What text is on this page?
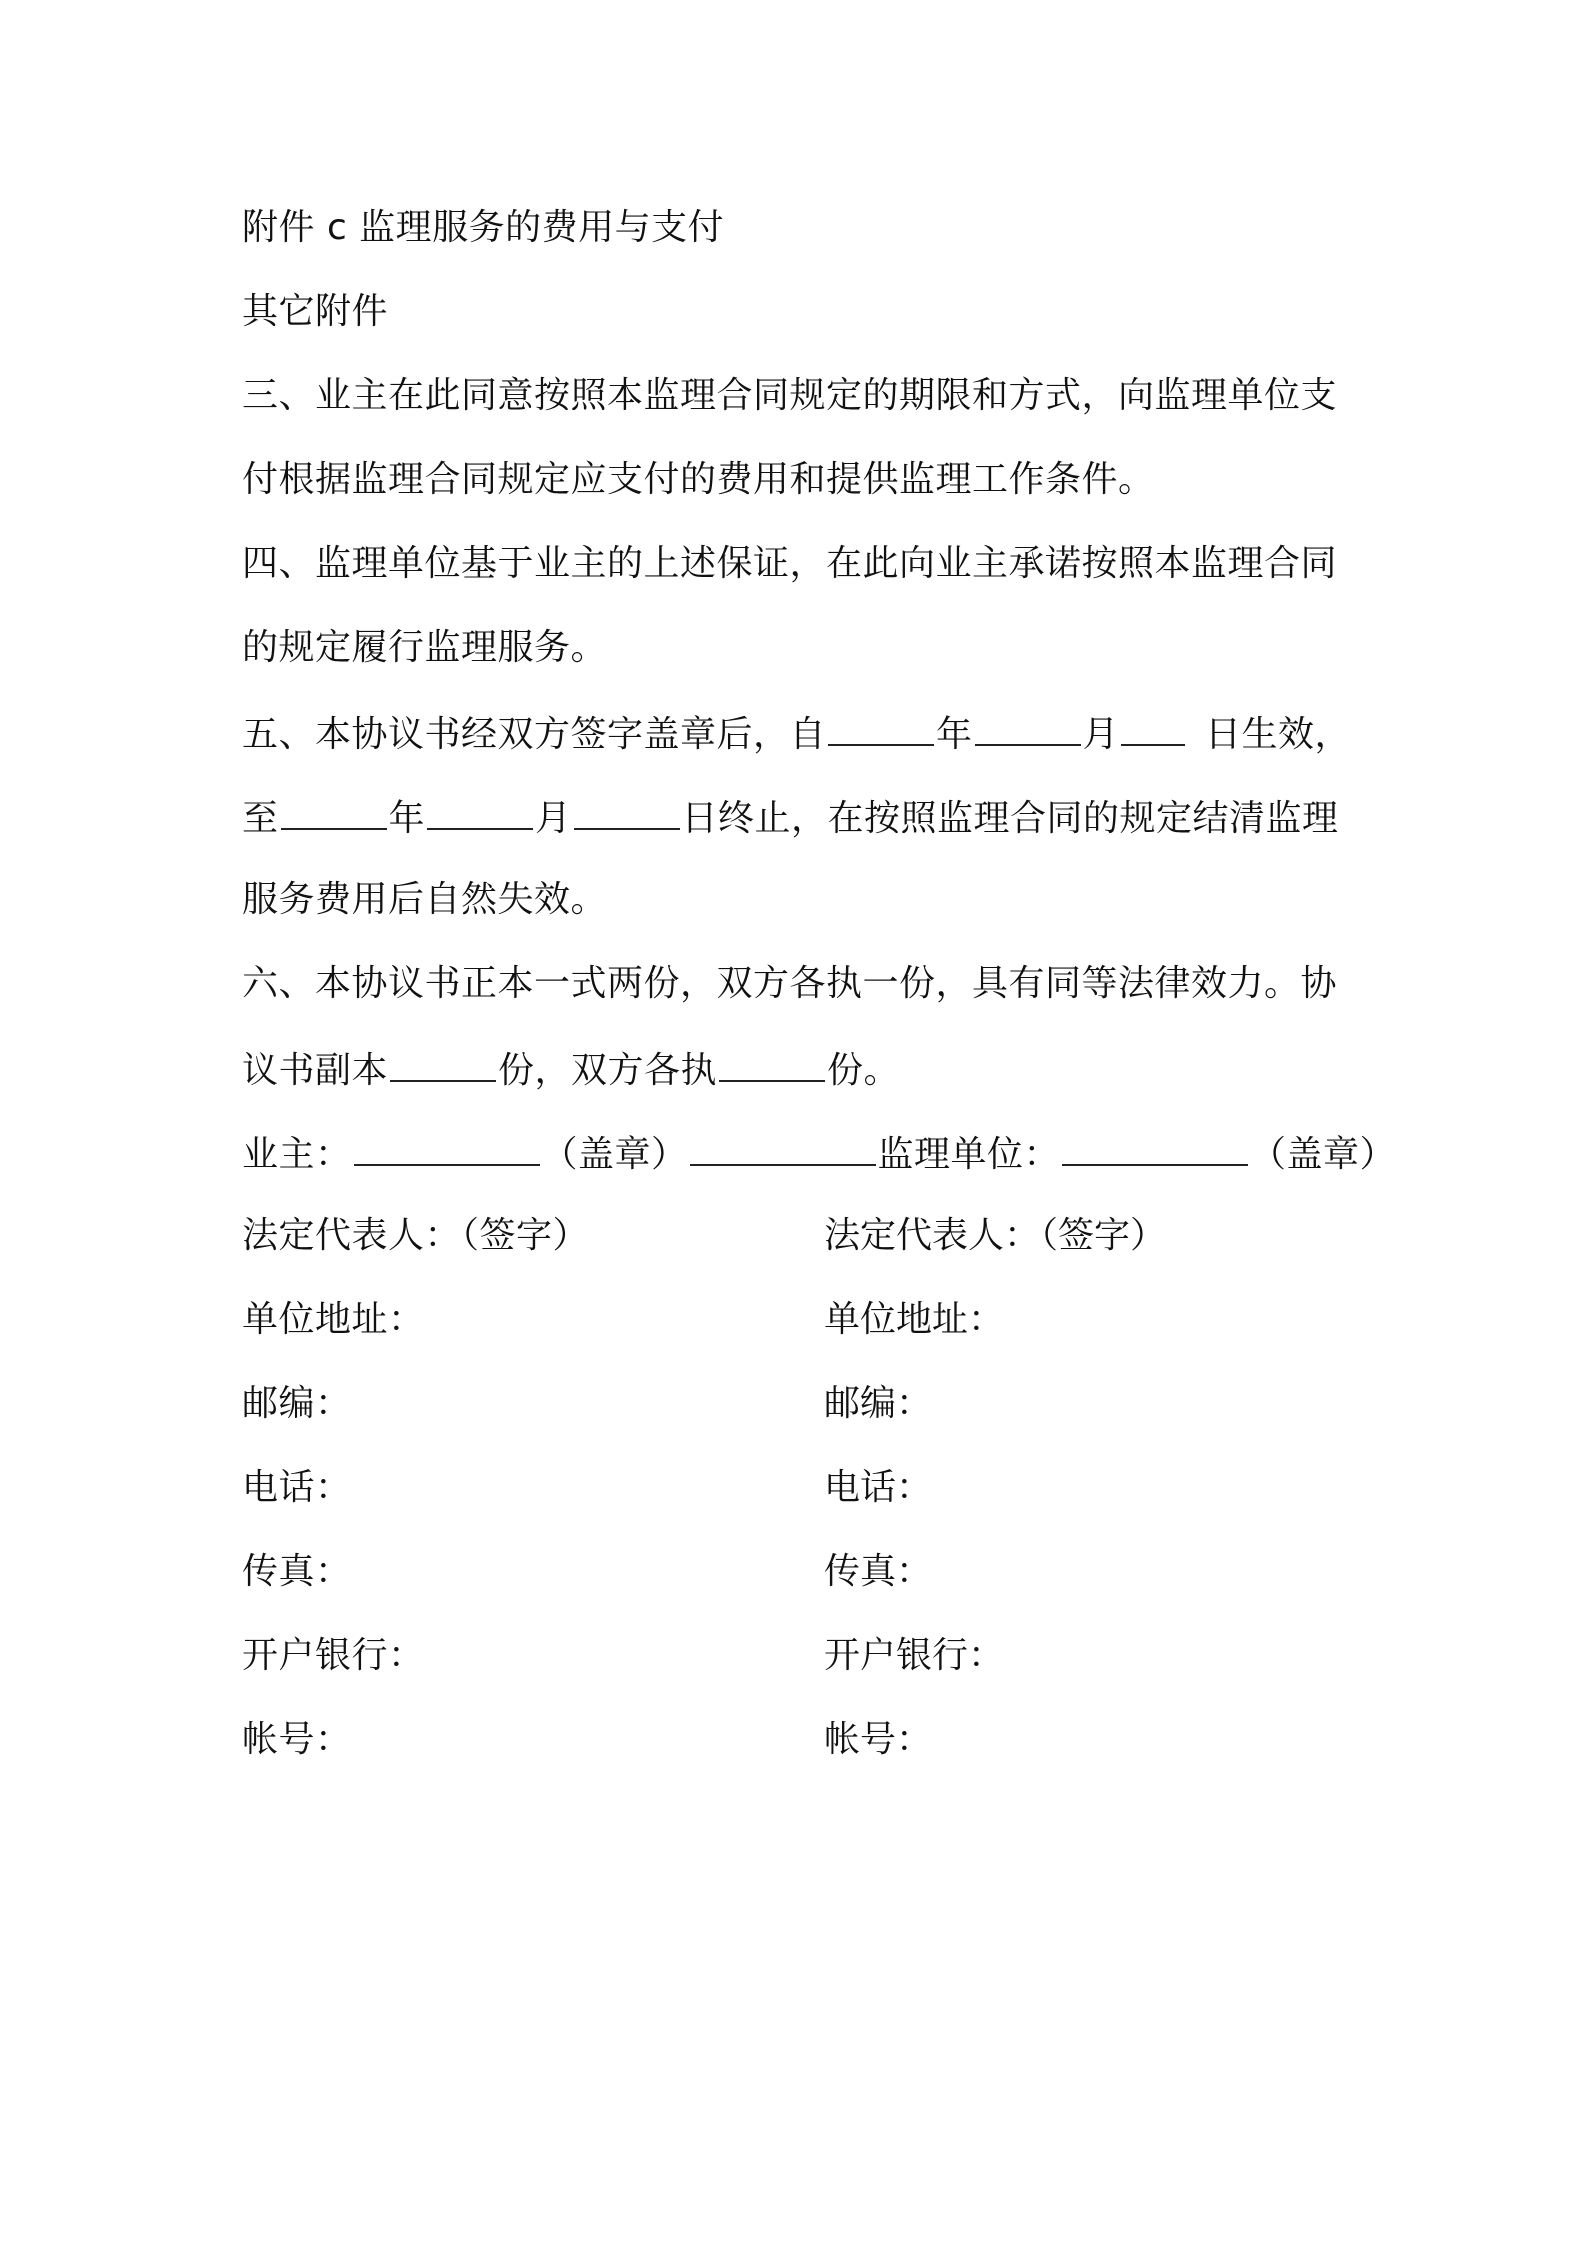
附件 c 监理服务的费用与支付
其它附件
三、业主在此同意按照本监理合同规定的期限和方式，向监理单位支
付根据监理合同规定应支付的费用和提供监理工作条件。
四、监理单位基于业主的上述保证，在此向业主承诺按照本监理合同
的规定履行监理服务。
五、本协议书经双方签字盖章后，自	年	月 日生效，
至	年	月	日终止，在按照监理合同的规定结清监理
服务费用后自然失效。
六、本协议书正本一式两份，双方各执一份，具有同等法律效力。协
议书副本	份，双方各执	份。
业主：	（盖章）	监理单位：	（盖章）
法定代表人：（签字）	法定代表人：（签字）
单位地址：	单位地址：
邮编：	邮编：
电话：	电话：
传真：	传真：
开户银行：	开户银行：
帐号：	帐号：
